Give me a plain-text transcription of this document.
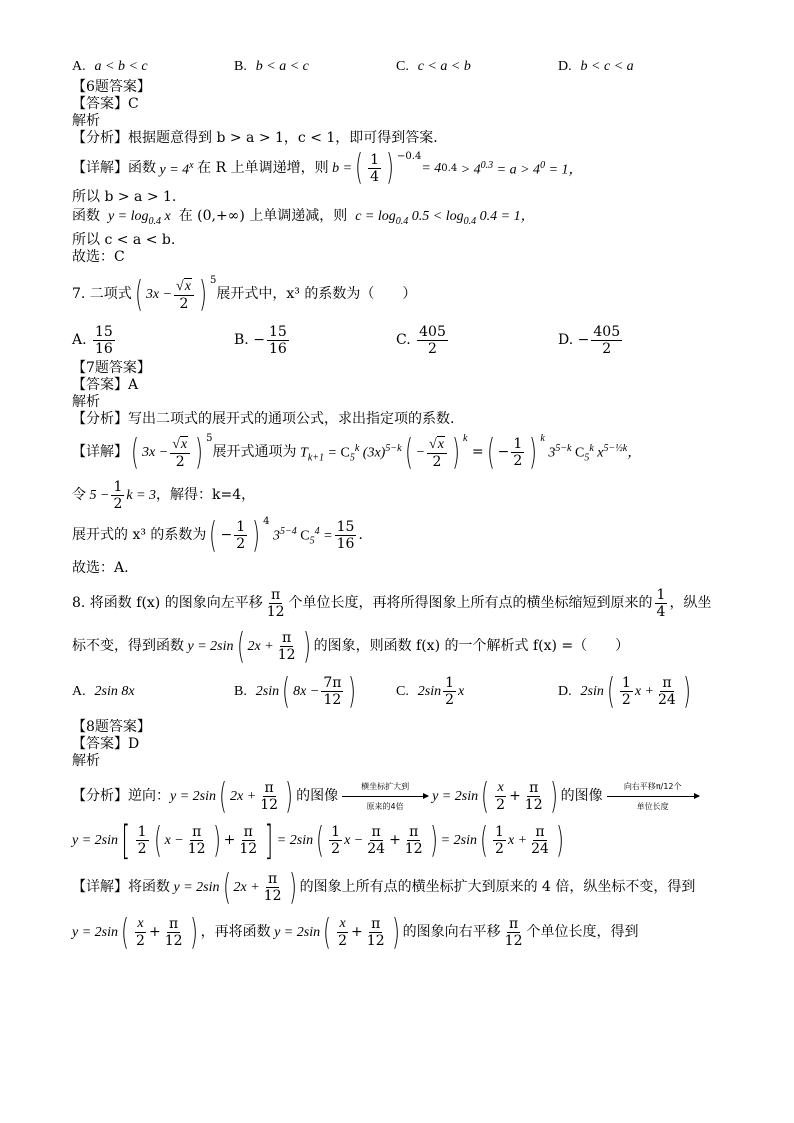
A. a < b < c	B. b < a < c	C. c < a < b	D. b < c < a
【6题答案】
【答案】C
解析
【分析】根据题意得到 b > a > 1，c < 1，即可得到答案.
【详解】函数 $y = 4^x$ 在 R 上单调递增，则 b = ( $\frac{1}{4}$ ) −0.4
= 4 $0.4 > 4^{0.3} = a > 4^0 = 1$，
所以 b > a > 1.
函数  $y = \log_{0.4} x$  在 (0,+∞) 上单调递减，则  $c = \log_{0.4} 0.5 < \log_{0.4} 0.4 = 1$，
所以 c < a < b.
故选：C
7. 二项式 ( $3x - \frac{√x}{2}$ ) 5
展开式中，x³ 的系数为（　　）
A.
$\frac{15}{16}$	B. − $\frac{15}{16}$	C.
$\frac{405}{2}$	D. − $\frac{405}{2}$
【7题答案】
【答案】A
解析
【分析】写出二项式的展开式的通项公式，求出指定项的系数.
【详解】 ( $3x - \frac{√x}{2}$ ) 5
展开式通项为 $T_{k+1} = C_5^k$ $(3x)^{5-k}$ ( − $\frac{√x}{2}$ ) k
= ( − $\frac{1}{2}$ ) k
$3^{5-k}$ $C_5^k$ $x^{5-\frac{1}{2}k}$，
令 $5 - \frac{1}{2}$ k = 3 ，解得：k=4，
展开式的 x³ 的系数为 ( − $\frac{1}{2}$ ) 4
$3^{5-4}$ $C_5^4 = \frac{15}{16}$ .
故选：A.
8. 将函数 f(x) 的图象向左平移 $\frac{\pi}{12}$ 个单位长度，再将所得图象上所有点的横坐标缩短到原来的 $\frac{1}{4}$ ，纵坐
标不变，得到函数 y = 2sin ( $2x + \frac{\pi}{12}$ ) 的图象，则函数 f(x) 的一个解析式 f(x) =（　　）
A.
2sin 8x	B.
2sin ( $8x - \frac{7\pi}{12}$ )	C.
$2\sin \frac{1}{2}$ x	D.
2sin ( $\frac{1}{2}$ $x + \frac{\pi}{24}$ )
【8题答案】
【答案】D
解析
【分析】逆向： y = 2sin ( $2x + \frac{\pi}{12}$ ) 的图像
横坐标扩大到
原来的4倍
y = 2sin ( $\frac{x}{2} + \frac{\pi}{12}$ ) 的图像
向右平移π/12个
单位长度
y = 2sin [ $\frac{1}{2}$ ( $x - \frac{\pi}{12}$ ) + $\frac{\pi}{12}$ ] = 2sin ( $\frac{1}{2}$ $x - \frac{\pi}{24} + \frac{\pi}{12}$ ) = 2sin ( $\frac{1}{2}$ $x + \frac{\pi}{24}$ )
【详解】将函数 y = 2sin ( $2x + \frac{\pi}{12}$ ) 的图象上所有点的横坐标扩大到原来的 4 倍，纵坐标不变，得到
y = 2sin ( $\frac{x}{2} + \frac{\pi}{12}$ ) ，再将函数 y = 2sin ( $\frac{x}{2} + \frac{\pi}{12}$ ) 的图象向右平移 $\frac{\pi}{12}$ 个单位长度，得到
